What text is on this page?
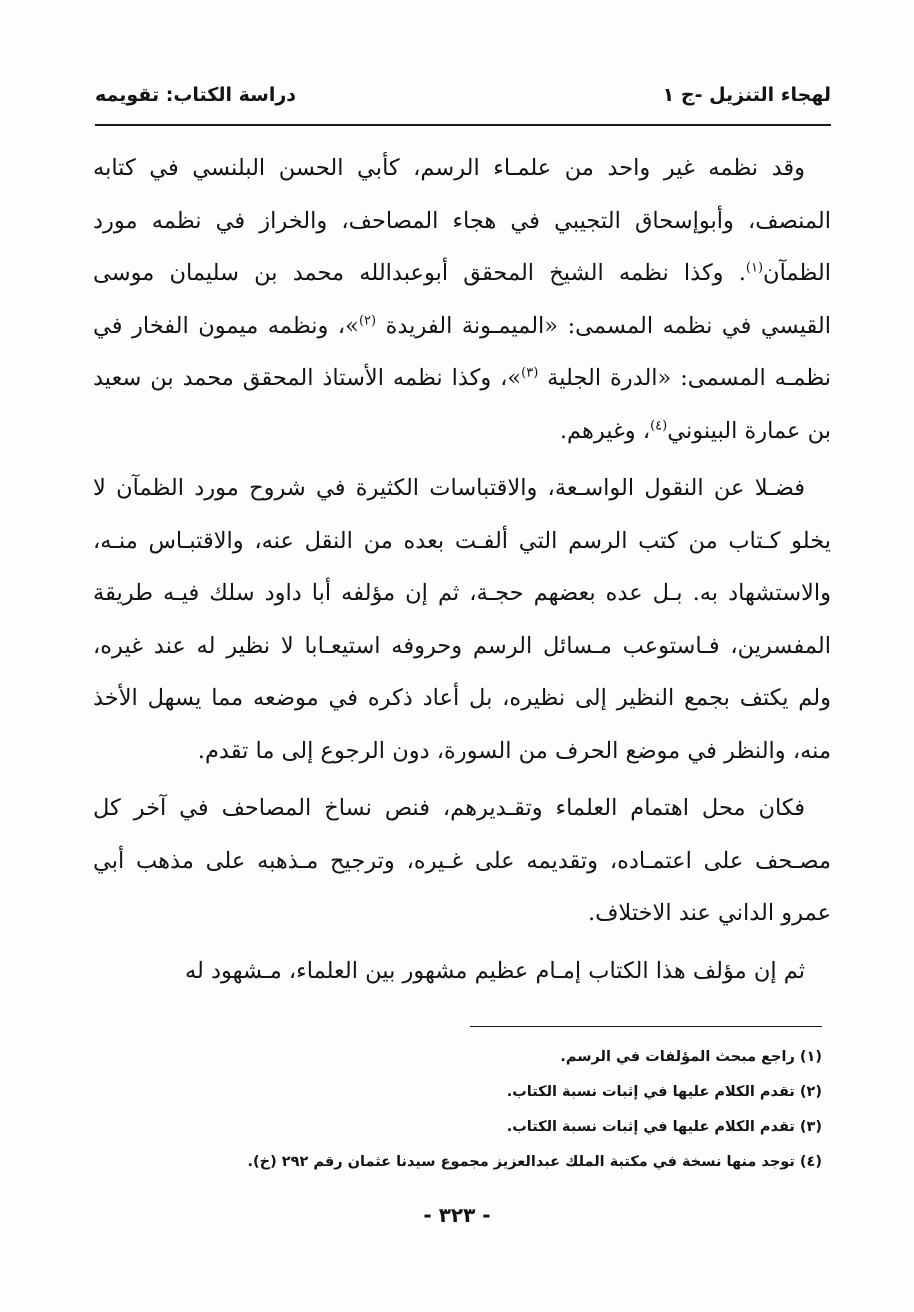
لهجاء التنزيل -ج ١
دراسة الكتاب: تقويمه

وقد نظمه غير واحد من علمـاء الرسم، كأبي الحسن البلنسي في كتابه المنصف، وأبوإسحاق التجيبي في هجاء المصاحف، والخراز في نظمه مورد الظمآن$^{(١)}$. وكذا نظمه الشيخ المحقق أبوعبدالله محمد بن سليمان موسى القيسي في نظمه المسمى: «الميمـونة الفريدة $^{(٢)}$»، ونظمه ميمون الفخار في نظمـه المسمى: «الدرة الجلية $^{(٣)}$»، وكذا نظمه الأستاذ المحقق محمد بن سعيد بن عمارة البينوني$^{(٤)}$، وغيرهم.

فضـلا عن النقول الواسـعة، والاقتباسات الكثيرة في شروح مورد الظمآن لا يخلو كـتاب من كتب الرسم التي ألفـت بعده من النقل عنه، والاقتبـاس منـه، والاستشهاد به. بـل عده بعضهم حجـة، ثم إن مؤلفه أبا داود سلك فيـه طريقة المفسرين، فـاستوعب مـسائل الرسم وحروفه استيعـابا لا نظير له عند غيره، ولم يكتف بجمع النظير إلى نظيره، بل أعاد ذكره في موضعه مما يسهل الأخذ منه، والنظر في موضع الحرف من السورة، دون الرجوع إلى ما تقدم.

فكان محل اهتمام العلماء وتقـديرهم، فنص نساخ المصاحف في آخر كل مصـحف على اعتمـاده، وتقديمه على غـيره، وترجيح مـذهبه على مذهب أبي عمرو الداني عند الاختلاف.

ثم إن مؤلف هذا الكتاب إمـام عظيم مشهور بين العلماء، مـشهود له

(١) راجع مبحث المؤلفات في الرسم.
(٢) تقدم الكلام عليها في إثبات نسبة الكتاب.
(٣) تقدم الكلام عليها في إثبات نسبة الكتاب.
(٤) توجد منها نسخة في مكتبة الملك عبدالعزيز مجموع سيدنا عثمان رقم ٢٩٢ (خ).
- ٣٢٣ -
